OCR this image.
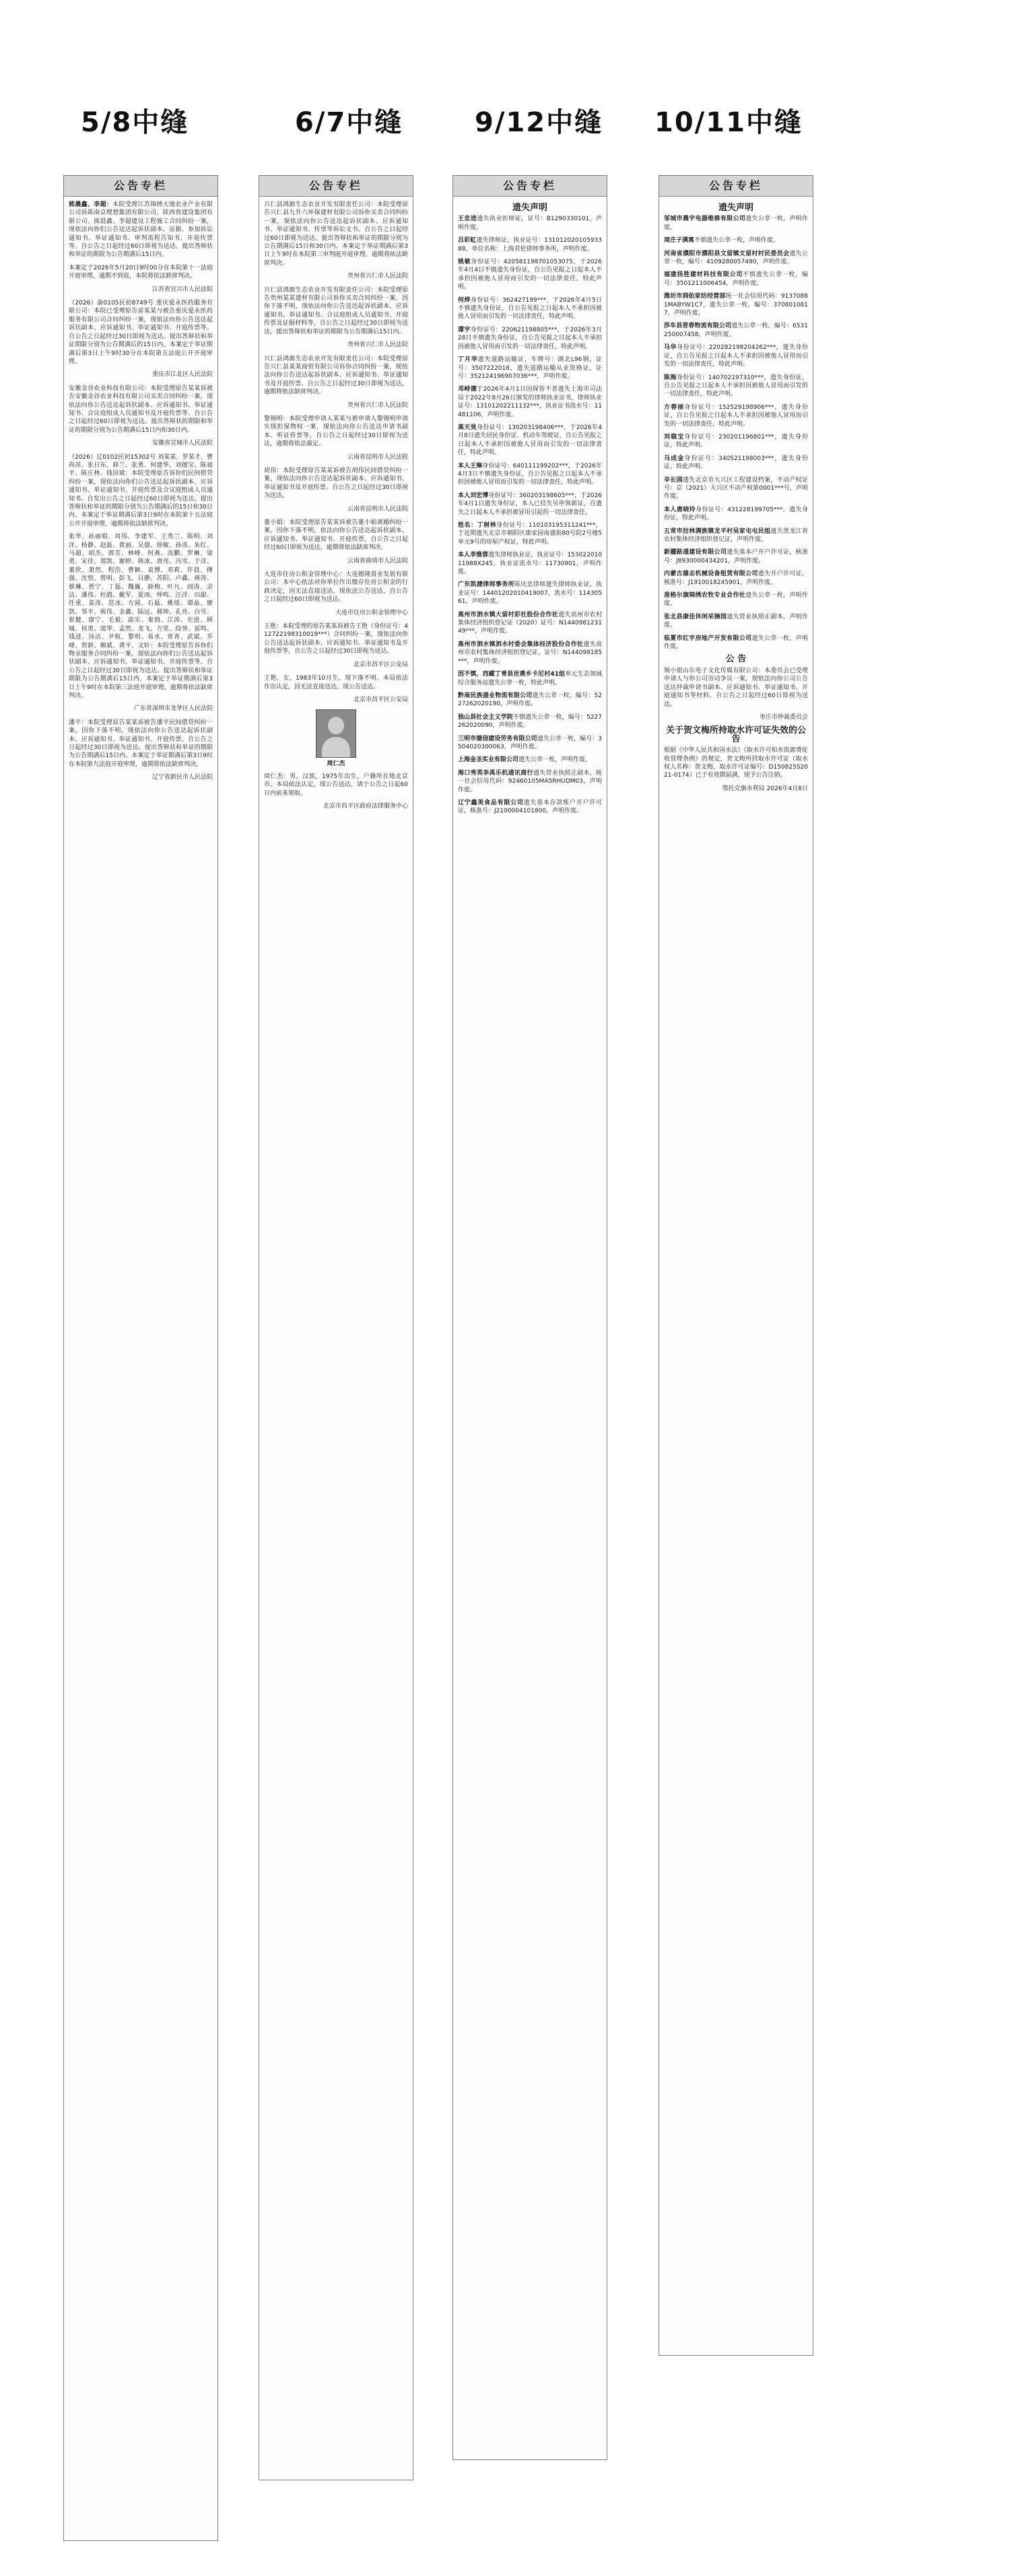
5/8中缝	6/7中缝	9/12中缝 10/11中缝
公告专栏

熊晨鑫、李超：本院受理江苏锦绣大地农业产业有限公司诉陈南京理想集团有限公司、陕西省建设集团有限公司、熊晨鑫、李超建设工程施工合同纠纷一案，现依法向你们公告送达起诉状副本、证据、参加诉讼通知书、举证通知书、审判流程告知书、开庭传票等。自公告之日起经过60日即视为送达。提出答辩状和举证的期限为公告期满后15日内。

本案定于2026年5月20日9时00分在本院第十一法庭开庭审理，逾期不到庭，本院将依法缺席判决。

江苏省宜兴市人民法院

（2026）渝0105民初8749号 重庆爱永医药服务有限公司：本院已受理原告雷某某与被告重庆爱永医药服务有限公司合同纠纷一案，现依法向你公告送达起诉状副本、应诉通知书、举证通知书、开庭传票等。自公告之日起经过30日即视为送达。提出答辩状和举证期限分别为公告期满后的15日内。本案定于举证期满后第3日上午9时30分在本院第五法庭公开开庭审理。

重庆市江北区人民法院

安徽金谷农业科技有限公司：本院受理原告某某诉被告安徽金谷农业科技有限公司买卖合同纠纷一案，现依法向你公告送达起诉状副本、应诉通知书、举证通知书、合议庭组成人员通知书及开庭传票等。自公告之日起经过60日即视为送达。提出答辩状的期限和举证的期限分别为公告期满后15日内和30日内。

安徽省宣城市人民法院

（2026）辽0102民初15302号 刘某某、罗某才、曹尚萍、张日东、薛兰、张勇、何建华、刘德宝、陈福平、陈庄林、钱国斌：本院受理原告诉你们民间借贷纠纷一案，现依法向你们公告送达起诉状副本、应诉通知书、举证通知书、开庭传票及合议庭组成人员通知书。自发出公告之日起经过60日即视为送达。提出答辩状和举证的期限分别为公告期满后的15日和30日内。本案定于举证期满后第3日9时在本院第十五法庭公开开庭审理，逾期将依法缺席判决。

张华、孙丽娟、周伟、李建军、王秀兰、陈明、刘洋、杨静、赵磊、黄丽、吴强、徐敏、孙涛、朱红、马超、胡杰、郭芳、林峰、何燕、高鹏、罗琳、梁勇、宋佳、郑凯、谢婷、韩冰、唐亮、冯雪、于洋、董欣、萧然、程浩、曹颖、袁博、邓莉、许晨、傅强、沈悦、曾明、彭飞、吕静、苏阳、卢鑫、蒋涛、蔡琳、贾宁、丁磊、魏巍、薛梅、叶凡、阎涛、余洁、潘伟、杜鹃、戴军、夏雨、钟鸣、汪洋、田甜、任重、姜涛、范冰、方圆、石磊、姚瑶、谭晶、廖凯、邹平、熊伟、金鑫、陆远、郝帅、孔亮、白雪、崔健、康宁、毛毅、邱实、秦朗、江涛、史进、顾城、侯勇、邵华、孟然、龙飞、万里、段誉、雷鸣、钱进、汤洁、尹航、黎明、易水、常青、武斌、乔峰、贺新、赖斌、龚平、文轩：本院受理原告诉你们物业服务合同纠纷一案，现依法向你们公告送达起诉状副本、应诉通知书、举证通知书、开庭传票等。自公告之日起经过30日即视为送达。提出答辩状和举证期限为公告期满后15日内。本案定于举证期满后第3日上午9时在本院第三法庭开庭审理，逾期将依法缺席判决。

广东省深圳市龙华区人民法院

潘平：本院受理原告某某诉被告潘平民间借贷纠纷一案，因你下落不明，现依法向你公告送达起诉状副本、应诉通知书、举证通知书、开庭传票。自公告之日起经过30日即视为送达。提出答辩状和举证的期限为公告期满后15日内。本案定于举证期满后第3日9时在本院第九法庭开庭审理，逾期将依法缺席判决。

辽宁省新民市人民法院
公告专栏

兴仁县鸿源生态农业开发有限责任公司：本院受理原告兴仁县九升六环保建材有限公司诉你买卖合同纠纷一案，现依法向你公告送达起诉状副本、应诉通知书、举证通知书、传票等诉讼文书。自公告之日起经过60日即视为送达。提出答辩状和举证的期限分别为公告期满后15日和30日内。本案定于举证期满后第3日上午9时在本院第三审判庭开庭审理，逾期将依法缺席判决。

贵州省兴仁市人民法院

兴仁县鸿源生态农业开发有限责任公司：本院受理原告贵州某某建材有限公司诉你买卖合同纠纷一案，因你下落不明，现依法向你公告送达起诉状副本、应诉通知书、举证通知书、合议庭组成人员通知书、开庭传票及证据材料等。自公告之日起经过30日即视为送达。提出答辩状和举证的期限为公告期满后15日内。

贵州省兴仁市人民法院

兴仁县鸿源生态农业开发有限责任公司：本院受理原告兴仁县某某商贸有限公司诉你合同纠纷一案，现依法向你公告送达起诉状副本、应诉通知书、举证通知书及开庭传票。自公告之日起经过30日即视为送达，逾期将依法缺席判决。

贵州省兴仁市人民法院

黎锡明：本院受理申请人某某与被申请人黎锡明申请实现担保物权一案，现依法向你公告送达申请书副本、听证传票等。自公告之日起经过30日即视为送达，逾期将依法裁定。

云南省昆明市人民法院

胡伟：本院受理原告某某诉被告胡伟民间借贷纠纷一案，现依法向你公告送达起诉状副本、应诉通知书、举证通知书及开庭传票。自公告之日起经过30日即视为送达。

云南省昆明市人民法院

董小娟：本院受理原告某某诉被告董小娟离婚纠纷一案，因你下落不明，依法向你公告送达起诉状副本、应诉通知书、举证通知书、开庭传票。自公告之日起经过60日即视为送达，逾期将依法缺席判决。

云南省曲靖市人民法院

大连市住房公积金管理中心：大连德隆置业发展有限公司：本中心依法对你单位作出缴存住房公积金的行政决定，因无法直接送达，现依法公告送达，自公告之日起经过60日即视为送达。

大连市住房公积金管理中心

王艳：本院受理的原告某某诉被告王艳（身份证号：412722198310019***）合同纠纷一案，现依法向你公告送达起诉状副本、应诉通知书、举证通知书及开庭传票等。自公告之日起经过30日即视为送达。

北京市昌平区公安局

王艳，女，1983年10月生，现下落不明。本局依法作出认定，因无法直接送达，现公告送达。

北京市昌平区公安局
周仁杰

周仁杰：男，汉族，1975年出生，户籍所在地北京市。本局依法认定，现公告送达，请于公告之日起60日内前来领取。

北京市昌平区政府法律服务中心
公告专栏
遗失声明

王忠进遗失执业医师证，证号：B1290330101，声明作废。

吕彩虹遗失律师证，执业证号：13101202010593388，单位名称：上海君伦律师事务所，声明作废。

姚敏身份证号：420581198701053075，于2026年4月4日不慎遗失身份证，自公告见报之日起本人不承担因被他人冒用而引发的一切法律责任，特此声明。

何烨身份证号：362427199***，于2026年4月5日不慎遗失身份证，自公告见报之日起本人不承担因被他人冒用而引发的一切法律责任，特此声明。

谭宇身份证号：220621198805***，于2026年3月28日不慎遗失身份证，自公告见报之日起本人不承担因被他人冒用而引发的一切法律责任，特此声明。

丁月华遗失道路运输证，车牌号：湖北L96钢，证号：3507222018，遗失道路运输从业资格证，证号：352124196907036***，声明作废。

邓峙德于2026年4月1日因保管不善遗失上海市司法局于2022年8月26日颁发的律师执业证书，律师执业证号：13101202211132***，执业证书流水号：11481106，声明作废。

高天昊身份证号：130203198406***，于2026年4月8日遗失居民身份证、机动车驾驶证，自公告见报之日起本人不承担因被他人冒用而引发的一切法律责任，特此声明。

本人王琳身份证号：640111199202***，于2026年4月3日不慎遗失身份证，自公告见报之日起本人不承担因被他人冒用而引发的一切法律责任，特此声明。

本人刘宏博身份证号：360203198605***，于2026年4月1日遗失身份证，本人已挂失另申领新证，自遗失之日起本人不承担被冒用引起的一切法律责任。

姓名：丁树林身份证号：110103195311241***，于近期遗失北京市朝阳区康家园南盛街80号院2号楼5单元9号的房屋产权证，特此声明。

本人李雅蓉遗失律师执业证，执业证号：15302201011988X245，执业证流水号：11730901，声明作废。

广东凯捷律师事务所陈庆忠律师遗失律师执业证，执业证号：14401202010419007，流水号：11430561，声明作废。

高州市泗水镇大留村彩社股份合作社遗失高州市农村集体经济组织登记证（2020）证号：N144098123149***，声明作废。

高州市泗水镇泗水村委会集体经济股份合作社遗失高州市农村集体经济组织登记证，证号：N144098185***，声明作废。

因不慎，西藏丁青县世鼎乡卡尼村41组单元生态领域综合服务站遗失公章一枚，特此声明。

黔南民族盛业物流有限公司遗失公章一枚，编号：5227262020190，声明作废。

独山县社会主义学院不慎遗失公章一枚，编号：5227262020090，声明作废。

三明市德信建设劳务有限公司遗失公章一枚，编号：3504020300063，声明作废。

上海金圣实业有限公司遗失公章一枚，声明作废。

海口秀英李禹乐机通讯商行遗失营业执照正副本，统一社会信用代码：92460105MA5RHUDM03，声明作废。

辽宁鑫美食品有限公司遗失基本存款账户开户许可证，核准号：J2100004101800，声明作废。

公告专栏
遗失声明

邹城市晨宇电器维修有限公司遗失公章一枚，声明作废。

周庄子满寓不慎遗失公章一枚，声明作废。

河南省濮阳市濮阳县文留镇文留村村民委员会遗失公章一枚，编号：4109280057490，声明作废。

福建扬胜建材科技有限公司不慎遗失公章一枚，编号：3501211006454，声明作废。

潍坊市润佑家纺经营部统一社会信用代码：91370881MABYW1C7，遗失公章一枚，编号：3708010817，声明作废。

莎车县晋春物流有限公司遗失公章一枚，编号：6531250007458，声明作废。

马华身份证号：220282198204262***，遗失身份证，自公告见报之日起本人不承担因被他人冒用而引发的一切法律责任，特此声明。

陈海身份证号：140702197310***，遗失身份证，自公告见报之日起本人不承担因被他人冒用而引发的一切法律责任，特此声明。

方春丽身份证号：152529198906***，遗失身份证，自公告见报之日起本人不承担因被他人冒用而引发的一切法律责任，特此声明。

刘稳宝身份证号：230201196801***，遗失身份证，特此声明。

马成金身份证号：340521198003***，遗失身份证，特此声明。

辛长国遗失北京市大兴区工程建设档案，不动产权证号：京（2021）大兴区不动产权第0001***号，声明作废。

本人唐晓玲身份证号：431228199705***，遗失身份证，特此声明。

五常市拉林满族镇龙平村吴家屯屯民组遗失黑龙江省农村集体经济组织登记证，声明作废。

新疆路通建设有限公司遗失基本户开户许可证，核准号：J8930000434201，声明作废。

内蒙古雄志机械设备租赁有限公司遗失开户许可证，核准号：J1910018245901，声明作废。

准格尔旗锦绣农牧专业合作社遗失公章一枚，声明作废。

张北县康佳休闲采摘园遗失营业执照正副本，声明作废。

临夏市红宇房地产开发有限公司遗失公章一枚，声明作废。

公 告

锡小姐山东电子文化传媒有限公司：本委员会已受理申请人与你公司劳动争议一案，现依法向你公司公告送达仲裁申请书副本、应诉通知书、举证通知书、开庭通知书等材料。自公告之日起经过60日即视为送达。

枣庄市仲裁委员会
关于贺文梅所持取水许可证失效的公告

根据《中华人民共和国水法》《取水许可和水资源费征收管理条例》的规定，贺文梅所持取水许可证（取水权人名称：贺文梅，取水许可证编号：D150825S2021-0174）已于有效期届满，现予公告注销。

鄂托克旗水利局 2026年4月8日
